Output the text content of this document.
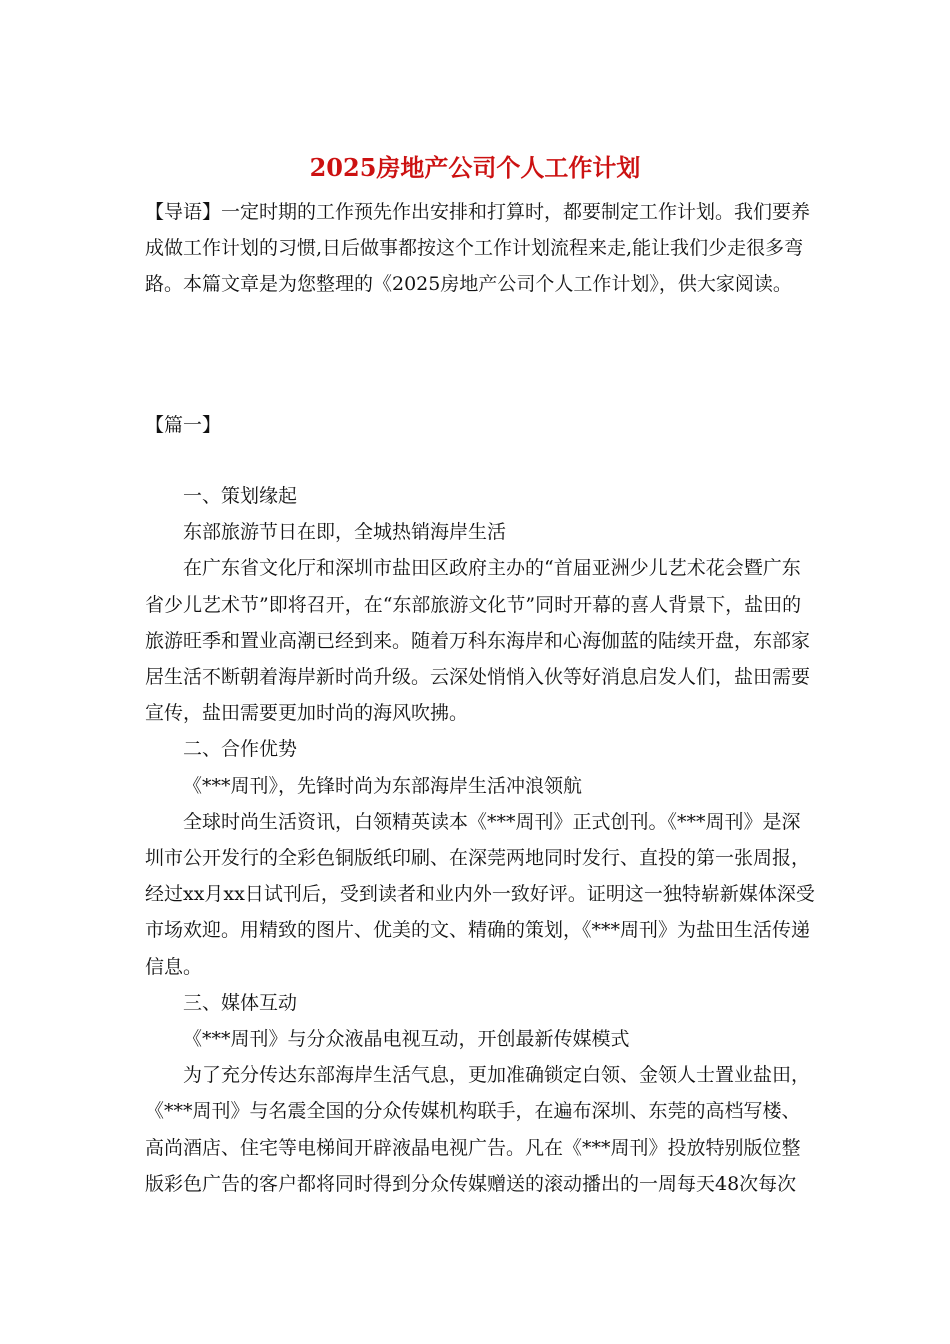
2025房地产公司个人工作计划

【导语】一定时期的工作预先作出安排和打算时，都要制定工作计划。我们要养成做工作计划的习惯,日后做事都按这个工作计划流程来走,能让我们少走很多弯路。本篇文章是为您整理的《2025房地产公司个人工作计划》，供大家阅读。

【篇一】

一、策划缘起

东部旅游节日在即，全城热销海岸生活

在广东省文化厅和深圳市盐田区政府主办的“首届亚洲少儿艺术花会暨广东省少儿艺术节”即将召开，在“东部旅游文化节”同时开幕的喜人背景下，盐田的旅游旺季和置业高潮已经到来。随着万科东海岸和心海伽蓝的陆续开盘，东部家居生活不断朝着海岸新时尚升级。云深处悄悄入伙等好消息启发人们，盐田需要宣传，盐田需要更加时尚的海风吹拂。

二、合作优势

《***周刊》，先锋时尚为东部海岸生活冲浪领航

全球时尚生活资讯，白领精英读本《***周刊》正式创刊。《***周刊》是深圳市公开发行的全彩色铜版纸印刷、在深莞两地同时发行、直投的第一张周报，经过xx月xx日试刊后，受到读者和业内外一致好评。证明这一独特崭新媒体深受市场欢迎。用精致的图片、优美的文、精确的策划，《***周刊》为盐田生活传递信息。

三、媒体互动

《***周刊》与分众液晶电视互动，开创最新传媒模式

为了充分传达东部海岸生活气息，更加准确锁定白领、金领人士置业盐田，《***周刊》与名震全国的分众传媒机构联手，在遍布深圳、东莞的高档写楼、高尚酒店、住宅等电梯间开辟液晶电视广告。凡在《***周刊》投放特别版位整版彩色广告的客户都将同时得到分众传媒赠送的滚动播出的一周每天48次每次
